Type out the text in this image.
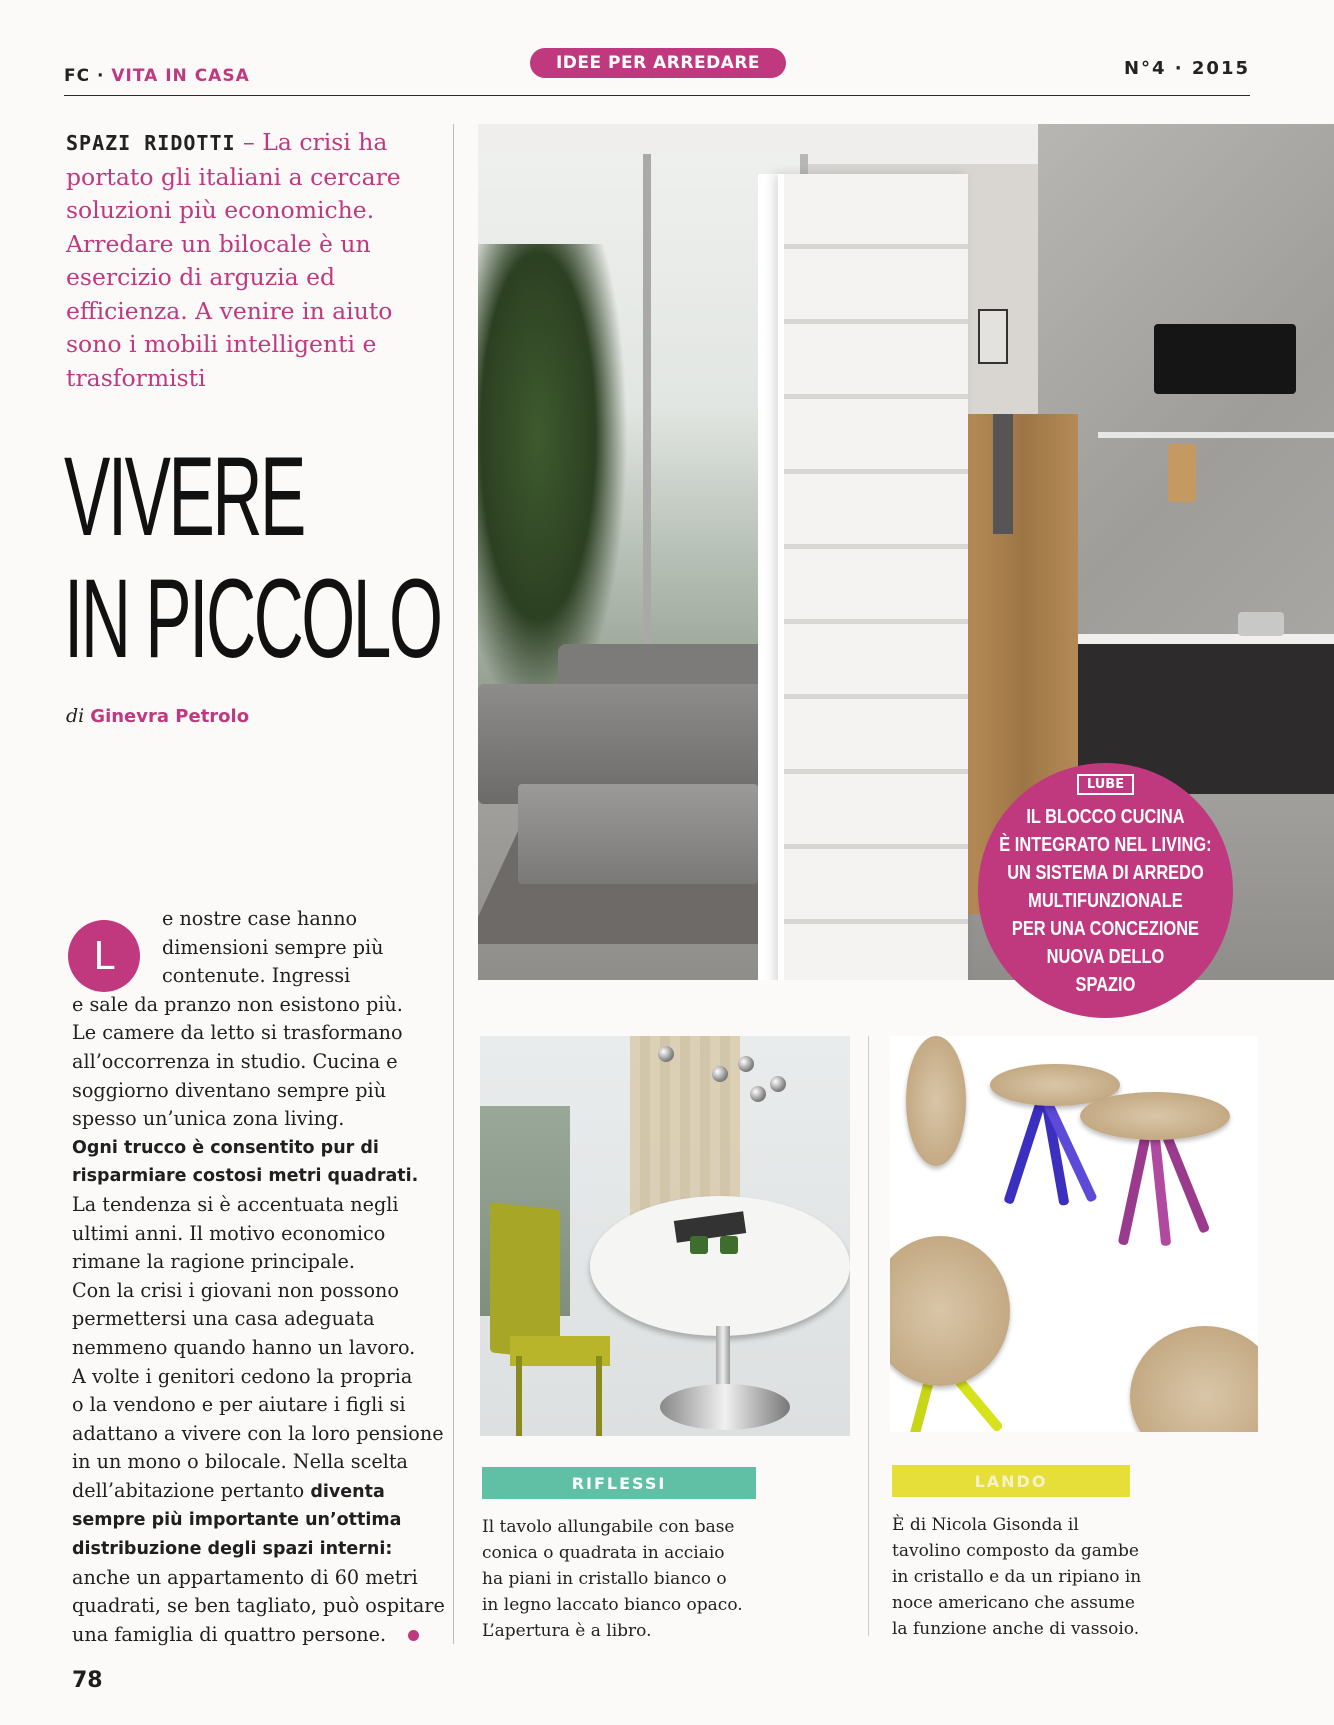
FC · VITA IN CASA
IDEE PER ARREDARE	N°4 · 2015
SPAZI RIDOTTI – La crisi ha portato gli italiani a cercare soluzioni più economiche. Arredare un bilocale è un esercizio di arguzia ed efficienza. A venire in aiuto sono i mobili intelligenti e trasformisti
VIVERE
IN PICCOLO
di Ginevra Petrolo
L
e nostre case hanno
dimensioni sempre più
contenute. Ingressi
e sale da pranzo non esistono più.
Le camere da letto si trasformano
all’occorrenza in studio. Cucina e
soggiorno diventano sempre più
spesso un’unica zona living.
Ogni trucco è consentito pur di
risparmiare costosi metri quadrati.
La tendenza si è accentuata negli
ultimi anni. Il motivo economico
rimane la ragione principale.
Con la crisi i giovani non possono
permettersi una casa adeguata
nemmeno quando hanno un lavoro.
A volte i genitori cedono la propria
o la vendono e per aiutare i figli si
adattano a vivere con la loro pensione
in un mono o bilocale. Nella scelta
dell’abitazione pertanto diventa
sempre più importante un’ottima
distribuzione degli spazi interni:
anche un appartamento di 60 metri
quadrati, se ben tagliato, può ospitare
una famiglia di quattro persone.
78
LUBE
IL BLOCCO CUCINA
È INTEGRATO NEL LIVING:
UN SISTEMA DI ARREDO
MULTIFUNZIONALE
PER UNA CONCEZIONE
NUOVA DELLO
SPAZIO
RIFLESSI
Il tavolo allungabile con base
conica o quadrata in acciaio
ha piani in cristallo bianco o
in legno laccato bianco opaco.
L’apertura è a libro.
LANDO
È di Nicola Gisonda il
tavolino composto da gambe
in cristallo e da un ripiano in
noce americano che assume
la funzione anche di vassoio.
